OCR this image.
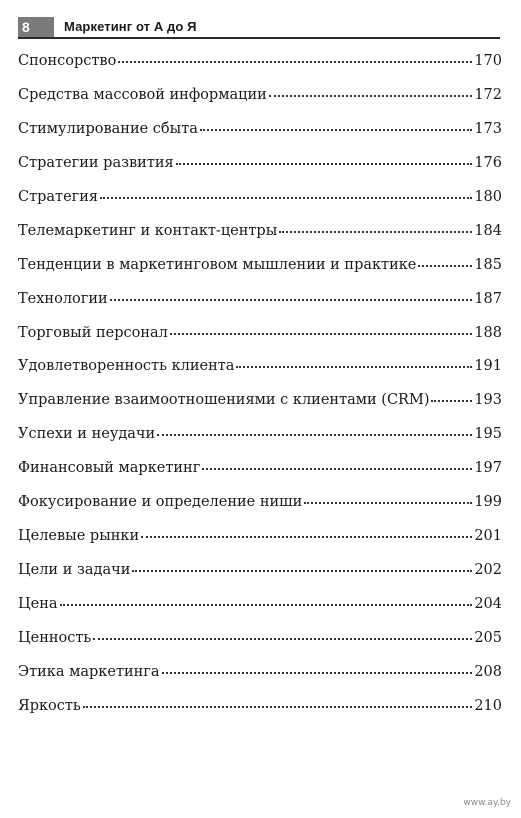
8	Маркетинг от А до Я
Спонсорство	170
Средства массовой информации	172
Стимулирование сбыта	173
Стратегии развития	176
Стратегия	180
Телемаркетинг и контакт-центры	184
Тенденции в маркетинговом мышлении и практике	185
Технологии	187
Торговый персонал	188
Удовлетворенность клиента	191
Управление взаимоотношениями с клиентами (CRM)	193
Успехи и неудачи	195
Финансовый маркетинг	197
Фокусирование и определение ниши	199
Целевые рынки	201
Цели и задачи	202
Цена	204
Ценность	205
Этика маркетинга	208
Яркость	210
www.ay.by
